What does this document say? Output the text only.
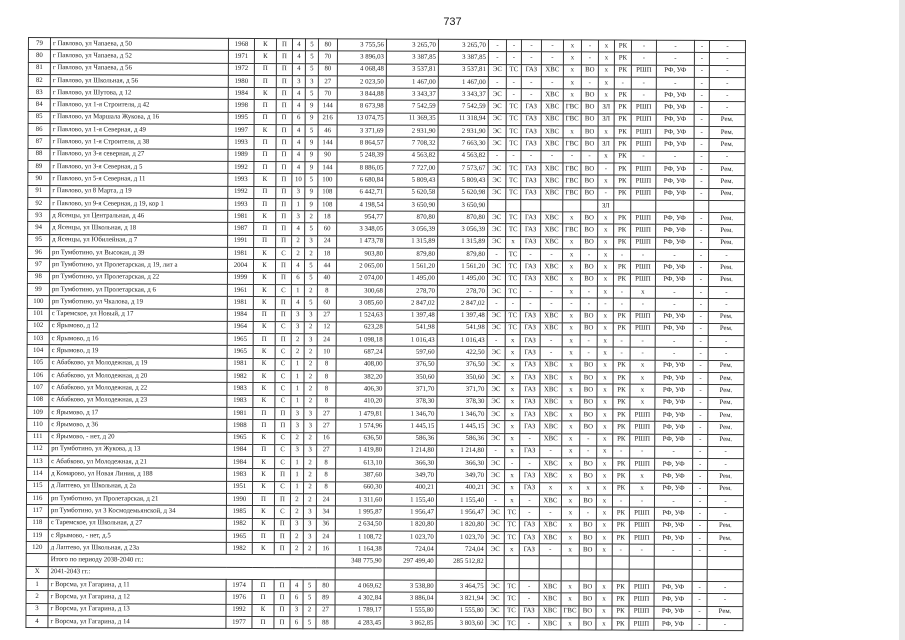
737
79	г Павлово, ул Чапаева, д 50	1968	К	П	4	5	80	3 755,56	3 265,70	3 265,70	-	-	-	-	х	-	х	РК	-	-	-	-
80	г Павлово, ул Чапаева, д 52	1971	К	П	4	5	70	3 896,03	3 387,85	3 387,85	-	-	-	-	х	-	х	РК	-	-	-	-
81	г Павлово, ул Чапаева, д 56	1972	П	П	4	5	80	4 068,48	3 537,81	3 537,81	ЭС	ТС	ГАЗ	ХВС	х	ВО	х	РК	РШП	РФ, УФ	-	-
82	г Павлово, ул Школьная, д 56	1980	П	П	3	3	27	2 023,50	1 467,00	1 467,00	-	-	-	-	х	-	х	-	-	-	-	-
83	г Павлово, ул Шутова, д 12	1984	К	П	4	5	70	3 844,88	3 343,37	3 343,37	ЭС	-	-	ХВС	х	ВО	х	РК	-	РФ, УФ	-	-
84	г Павлово, ул 1-я Строителя, д 42	1998	П	П	4	9	144	8 673,98	7 542,59	7 542,59	ЭС	ТС	ГАЗ	ХВС	ГВС	ВО	ЗЛ	РК	РШП	РФ, УФ	-	-
85	г Павлово, ул Маршала Жукова, д 16	1995	П	П	6	9	216	13 074,75	11 369,35	11 318,94	ЭС	ТС	ГАЗ	ХВС	ГВС	ВО	ЗЛ	РК	РШП	РФ, УФ	-	Рем.
86	г Павлово, ул 1-я Северная, д 49	1997	К	П	4	5	46	3 371,69	2 931,90	2 931,90	ЭС	ТС	ГАЗ	ХВС	х	ВО	х	РК	РШП	РФ, УФ	-	Рем.
87	г Павлово, ул 1-я Строителя, д 38	1993	П	П	4	9	144	8 864,57	7 708,32	7 663,30	ЭС	ТС	ГАЗ	ХВС	ГВС	ВО	ЗЛ	РК	РШП	РФ, УФ	-	Рем.
88	г Павлово, ул 3-я северная, д 27	1989	П	П	4	9	90	5 248,39	4 563,82	4 563,82	-	-	-	-	-	-	х	РК	-	-	-	-
89	г Павлово, ул 3-я Северная, д 5	1992	П	П	4	9	144	8 886,05	7 727,00	7 573,67	ЭС	ТС	ГАЗ	ХВС	ГВС	ВО	-	РК	РШП	РФ, УФ	-	Рем.
90	г Павлово, ул 5-я Северная, д 11	1993	К	П	10	5	100	6 680,84	5 809,43	5 809,43	ЭС	ТС	ГАЗ	ХВС	ГВС	ВО	х	РК	РШП	РФ, УФ	-	Рем.
91	г Павлово, ул 8 Марта, д 19	1992	П	П	3	9	108	6 442,71	5 620,58	5 620,98	ЭС	ТС	ГАЗ	ХВС	ГВС	ВО	-	РК	РШП	РФ, УФ	-	Рем.
92	г Павлово, ул 9-я Северная, д 19, кор 1	1993	П	П	1	9	108	4 198,54	3 650,90	3 650,90							ЗЛ					
93	д Ясенцы, ул Центральная, д 46	1981	К	П	3	2	18	954,77	870,80	870,80	ЭС	ТС	ГАЗ	ХВС	х	ВО	х	РК	РШП	РФ, УФ	-	Рем.
94	д Ясенцы, ул Школьная, д 18	1987	П	П	4	5	60	3 348,05	3 056,39	3 056,39	ЭС	ТС	ГАЗ	ХВС	ГВС	ВО	х	РК	РШП	РФ, УФ	-	Рем.
95	д Ясенцы, ул Юбилейная, д 7	1991	П	П	2	3	24	1 473,78	1 315,89	1 315,89	ЭС	х	ГАЗ	ХВС	х	ВО	х	РК	РШП	РФ, УФ	-	Рем.
96	рп Тумботино, ул Высокая, д 39	1981	К	С	2	2	18	903,80	879,80	879,80	-	ТС	-	-	х	-	х	-	-	-	-	-
97	рп Тумботино, ул Пролетарская, д 19, лит а	2004	К	П	4	5	44	2 065,00	1 561,20	1 561,20	ЭС	ТС	ГАЗ	ХВС	х	ВО	х	РК	РШП	РФ, УФ	-	Рем.
98	рп Тумботино, ул Пролетарская, д 22	1999	К	П	6	5	40	2 074,00	1 495,00	1 495,00	ЭС	ТС	ГАЗ	ХВС	х	ВО	х	РК	РШП	РФ, УФ	-	Рем.
99	рп Тумботино, ул Пролетарская, д 6	1961	К	С	1	2	8	300,68	278,70	278,70	ЭС	ТС	-	-	х	-	х	-	х	-	-	-
100	рп Тумботино, ул Чкалова, д 19	1981	К	П	4	5	60	3 085,60	2 847,02	2 847,02	-	-	-	-	-	-	-	-	-	-	-	-
101	с Таремское, ул Новый, д 17	1984	П	П	3	3	27	1 524,63	1 397,48	1 397,48	ЭС	ТС	ГАЗ	ХВС	х	ВО	х	РК	РШП	РФ, УФ	-	Рем.
102	с Ярымово, д 12	1964	К	С	3	2	12	623,28	541,98	541,98	ЭС	ТС	ГАЗ	ХВС	х	ВО	х	РК	РШП	РФ, УФ	-	Рем.
103	с Ярымово, д 16	1965	П	П	2	3	24	1 098,18	1 016,43	1 016,43	-	х	ГАЗ	-	х	-	х	-	-	-	-	-
104	с Ярымово, д 19	1965	К	С	2	2	10	687,24	597,60	422,50	ЭС	х	ГАЗ	-	х	-	х	-	-	-	-	-
105	с Абабково, ул Молодежная, д 19	1981	К	С	1	2	8	408,00	376,50	376,50	ЭС	х	ГАЗ	ХВС	х	ВО	х	РК	х	РФ, УФ	-	Рем.
106	с Абабково, ул Молодежная, д 20	1982	К	С	1	2	8	382,20	350,60	350,60	ЭС	х	ГАЗ	ХВС	х	ВО	х	РК	х	РФ, УФ	-	Рем.
107	с Абабково, ул Молодежная, д 22	1983	К	С	1	2	8	406,30	371,70	371,70	ЭС	х	ГАЗ	ХВС	х	ВО	х	РК	х	РФ, УФ	-	Рем.
108	с Абабково, ул Молодежная, д 23	1983	К	С	1	2	8	410,20	378,30	378,30	ЭС	х	ГАЗ	ХВС	х	ВО	х	РК	х	РФ, УФ	-	Рем.
109	с Ярымово, д 17	1981	П	П	3	3	27	1 479,81	1 346,70	1 346,70	ЭС	х	ГАЗ	ХВС	х	ВО	х	РК	РШП	РФ, УФ	-	Рем.
110	с Ярымово, д 36	1988	П	П	3	3	27	1 574,96	1 445,15	1 445,15	ЭС	х	ГАЗ	ХВС	х	ВО	х	РК	РШП	РФ, УФ	-	Рем.
111	с Ярымово, - нет, д 20	1965	К	С	2	2	16	636,50	586,36	586,36	ЭС	х	-	ХВС	х	-	х	РК	РШП	РФ, УФ	-	Рем.
112	рп Тумботино, ул Жукова, д 13	1984	П	С	3	3	27	1 419,80	1 214,80	1 214,80	-	х	ГАЗ	-	х	-	х	-	-	-	-	-
113	с Абабково, ул Молодежная, д 21	1984	К	С	1	2	8	613,10	366,30	366,30	ЭС	-	-	ХВС	х	ВО	х	РК	РШП	РФ, УФ	-	-
114	д Комарово, ул Новая Линия, д 188	1983	К	П	1	2	8	387,60	349,70	349,70	ЭС	х	ГАЗ	ХВС	х	ВО	х	РК	х	РФ, УФ	-	Рем.
115	д Лаптево, ул Школьная, д 2а	1951	К	С	1	2	8	660,30	400,21	400,21	ЭС	х	ГАЗ	х	х	х	х	РК	х	РФ, УФ	-	Рем.
116	рп Тумботино, ул Пролетарская, д 21	1990	П	П	2	2	24	1 311,60	1 155,40	1 155,40	-	х	-	ХВС	х	ВО	х	-	-	-	-	-
117	рп Тумботино, ул 3 Космодемьянской, д 34	1985	К	С	2	3	34	1 995,87	1 956,47	1 956,47	ЭС	ТС	-	-	х	-	х	РК	РШП	РФ, УФ	-	-
118	с Таремское, ул Школьная, д 27	1982	К	П	3	3	36	2 634,50	1 820,80	1 820,80	ЭС	ТС	ГАЗ	ХВС	х	ВО	х	РК	РШП	РФ, УФ	-	Рем.
119	с Ярымово, - нет, д.5	1965	П	П	2	3	24	1 108,72	1 023,70	1 023,70	ЭС	ТС	ГАЗ	ХВС	х	ВО	х	РК	РШП	РФ, УФ	-	Рем.
120	д Лаптево, ул Школьная, д 23а	1982	К	П	2	2	16	1 164,38	724,04	724,04	ЭС	х	ГАЗ	-	х	ВО	х	-	-	-	-	-
	Итого по периоду 2038-2040 гг.:							348 775,90	297 499,40	285 512,82												
X	2041-2043 гг.:																					
1	г Ворсма, ул Гагарина, д 11	1974	П	П	4	5	80	4 069,62	3 538,80	3 464,75	ЭС	ТС	-	ХВС	х	ВО	х	РК	РШП	РФ, УФ	-	-
2	г Ворсма, ул Гагарина, д 12	1976	П	П	6	5	89	4 302,84	3 886,04	3 821,94	ЭС	ТС	-	ХВС	х	ВО	х	РК	РШП	РФ, УФ	-	-
3	г Ворсма, ул Гагарина, д 13	1992	К	П	3	2	27	1 789,17	1 555,80	1 555,80	ЭС	ТС	ГАЗ	ХВС	ГВС	ВО	х	РК	РШП	РФ, УФ	-	Рем.
4	г Ворсма, ул Гагарина, д 14	1977	П	П	6	5	88	4 283,45	3 862,85	3 803,60	ЭС	ТС	-	ХВС	х	ВО	х	РК	РШП	РФ, УФ	-	-
